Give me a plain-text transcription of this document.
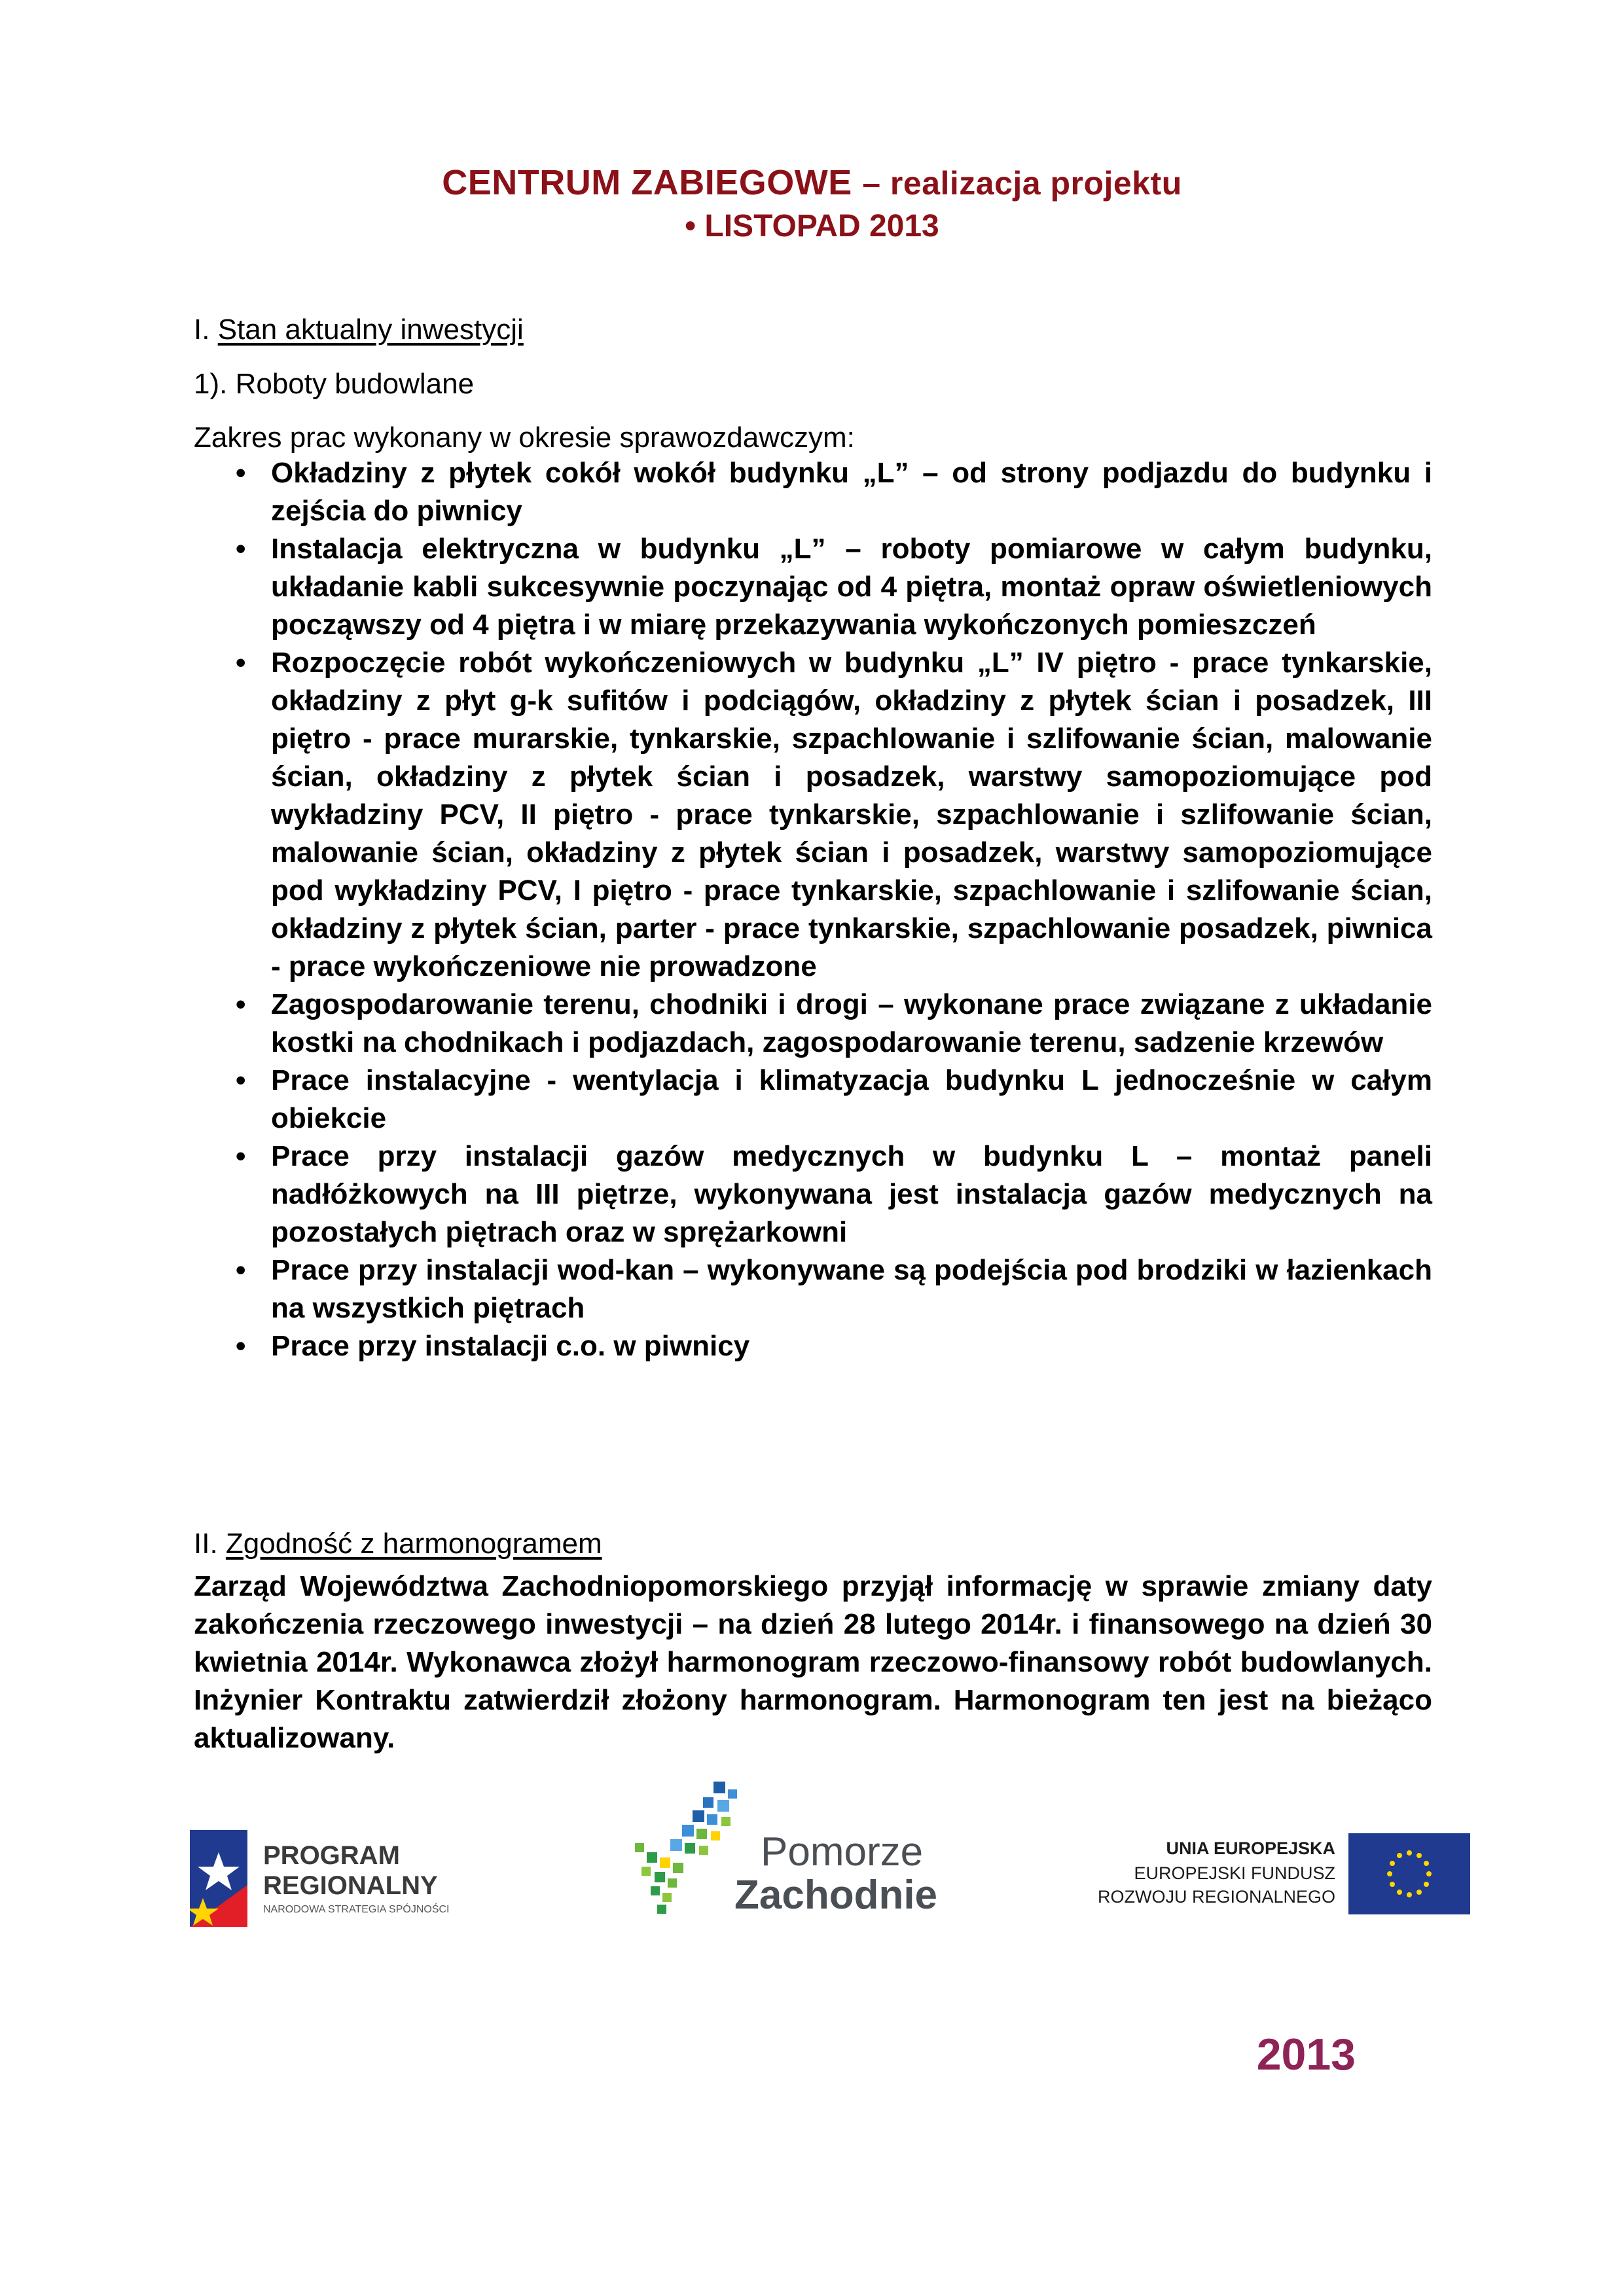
CENTRUM ZABIEGOWE – realizacja projektu
• LISTOPAD 2013
I. Stan aktualny inwestycji
1). Roboty budowlane
Zakres prac wykonany w okresie sprawozdawczym:
• Okładziny z płytek cokół wokół budynku „L” – od strony podjazdu do budynku i zejścia do piwnicy
• Instalacja elektryczna w budynku „L” – roboty pomiarowe w całym budynku, układanie kabli sukcesywnie poczynając od 4 piętra, montaż opraw oświetleniowych począwszy od 4 piętra i w miarę przekazywania wykończonych pomieszczeń
• Rozpoczęcie robót wykończeniowych w budynku „L” IV piętro - prace tynkarskie, okładziny z płyt g-k sufitów i podciągów, okładziny z płytek ścian i posadzek, III piętro - prace murarskie, tynkarskie, szpachlowanie i szlifowanie ścian, malowanie ścian, okładziny z płytek ścian i posadzek, warstwy samopoziomujące pod wykładziny PCV, II piętro - prace tynkarskie, szpachlowanie i szlifowanie ścian, malowanie ścian, okładziny z płytek ścian i posadzek, warstwy samopoziomujące pod wykładziny PCV, I piętro - prace tynkarskie, szpachlowanie i szlifowanie ścian, okładziny z płytek ścian, parter - prace tynkarskie, szpachlowanie posadzek, piwnica - prace wykończeniowe nie prowadzone
• Zagospodarowanie terenu, chodniki i drogi – wykonane prace związane z układanie kostki na chodnikach i podjazdach, zagospodarowanie terenu, sadzenie krzewów
• Prace instalacyjne - wentylacja i klimatyzacja budynku L jednocześnie w całym obiekcie
• Prace przy instalacji gazów medycznych w budynku L – montaż paneli nadłóżkowych na III piętrze, wykonywana jest instalacja gazów medycznych na pozostałych piętrach oraz w sprężarkowni
• Prace przy instalacji wod-kan – wykonywane są podejścia pod brodziki w łazienkach na wszystkich piętrach
• Prace przy instalacji c.o. w piwnicy
II. Zgodność z harmonogramem
Zarząd Województwa Zachodniopomorskiego przyjął informację w sprawie zmiany daty zakończenia rzeczowego inwestycji – na dzień 28 lutego 2014r. i finansowego na dzień 30 kwietnia 2014r. Wykonawca złożył harmonogram rzeczowo-finansowy robót budowlanych. Inżynier Kontraktu zatwierdził złożony harmonogram. Harmonogram ten jest na bieżąco aktualizowany.
PROGRAM
REGIONALNY
NARODOWA STRATEGIA SPÓJNOŚCI
Pomorze
Zachodnie
UNIA EUROPEJSKA
EUROPEJSKI FUNDUSZ
ROZWOJU REGIONALNEGO
2013
